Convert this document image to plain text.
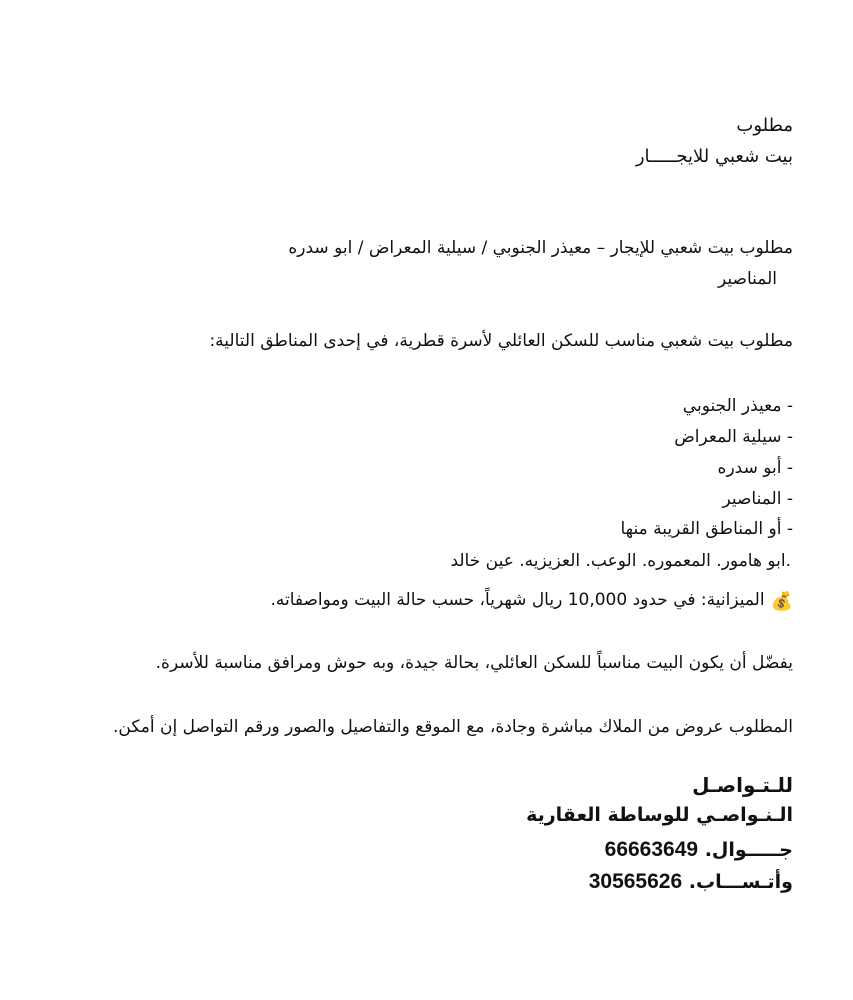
مطلوب
بيت شعبي للايجـــــار
مطلوب بيت شعبي للإيجار – معيذر الجنوبي / سيلية المعراض / ابو سدره
المناصير
مطلوب بيت شعبي مناسب للسكن العائلي لأسرة قطرية، في إحدى المناطق التالية:
- معيذر الجنوبي
- سيلية المعراض
- أبو سدره
- المناصير
- أو المناطق القريبة منها
.ابو هامور. المعموره. الوعب. العزيزيه. عين خالد
💰الميزانية: في حدود 10,000 ريال شهرياً، حسب حالة البيت ومواصفاته.
يفضّل أن يكون البيت مناسباً للسكن العائلي، بحالة جيدة، وبه حوش ومرافق مناسبة للأسرة.
المطلوب عروض من الملاك مباشرة وجادة، مع الموقع والتفاصيل والصور ورقم التواصل إن أمكن.
للـتـواصـل
الـنـواصـي للوساطة العقارية
جـــــوال. 66663649
وأتـســـاب. 30565626
